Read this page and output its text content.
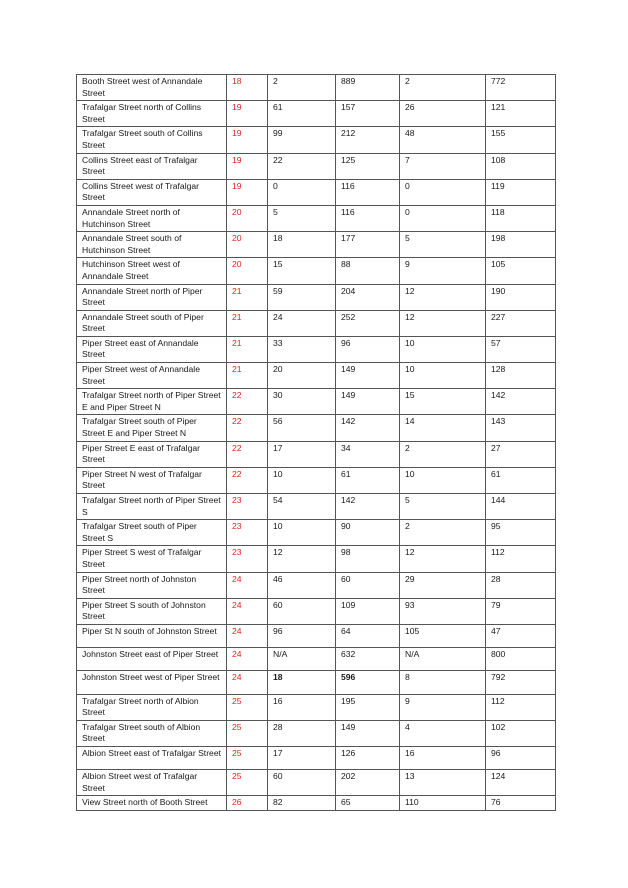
Booth Street west of Annandale Street	18	2	889	2	772
Trafalgar Street north of Collins Street	19	61	157	26	121
Trafalgar Street south of Collins Street	19	99	212	48	155
Collins Street east of Trafalgar Street	19	22	125	7	108
Collins Street west of Trafalgar Street	19	0	116	0	119
Annandale Street north of Hutchinson Street	20	5	116	0	118
Annandale Street south of Hutchinson Street	20	18	177	5	198
Hutchinson Street west of Annandale Street	20	15	88	9	105
Annandale Street north of Piper Street	21	59	204	12	190
Annandale Street south of Piper Street	21	24	252	12	227
Piper Street east of Annandale Street	21	33	96	10	57
Piper Street west of Annandale Street	21	20	149	10	128
Trafalgar Street north of Piper Street E and Piper Street N	22	30	149	15	142
Trafalgar Street south of Piper Street E and Piper Street N	22	56	142	14	143
Piper Street E east of Trafalgar Street	22	17	34	2	27
Piper Street N west of Trafalgar Street	22	10	61	10	61
Trafalgar Street north of Piper Street S	23	54	142	5	144
Trafalgar Street south of Piper Street S	23	10	90	2	95
Piper Street S west of Trafalgar Street	23	12	98	12	112
Piper Street north of Johnston Street	24	46	60	29	28
Piper Street S south of Johnston Street	24	60	109	93	79
Piper St N south of Johnston Street	24	96	64	105	47
Johnston Street east of Piper Street	24	N/A	632	N/A	800
Johnston Street west of Piper Street	24	18	596	8	792
Trafalgar Street north of Albion Street	25	16	195	9	112
Trafalgar Street south of Albion Street	25	28	149	4	102
Albion Street east of Trafalgar Street	25	17	126	16	96
Albion Street west of Trafalgar Street	25	60	202	13	124
View Street north of Booth Street	26	82	65	110	76
